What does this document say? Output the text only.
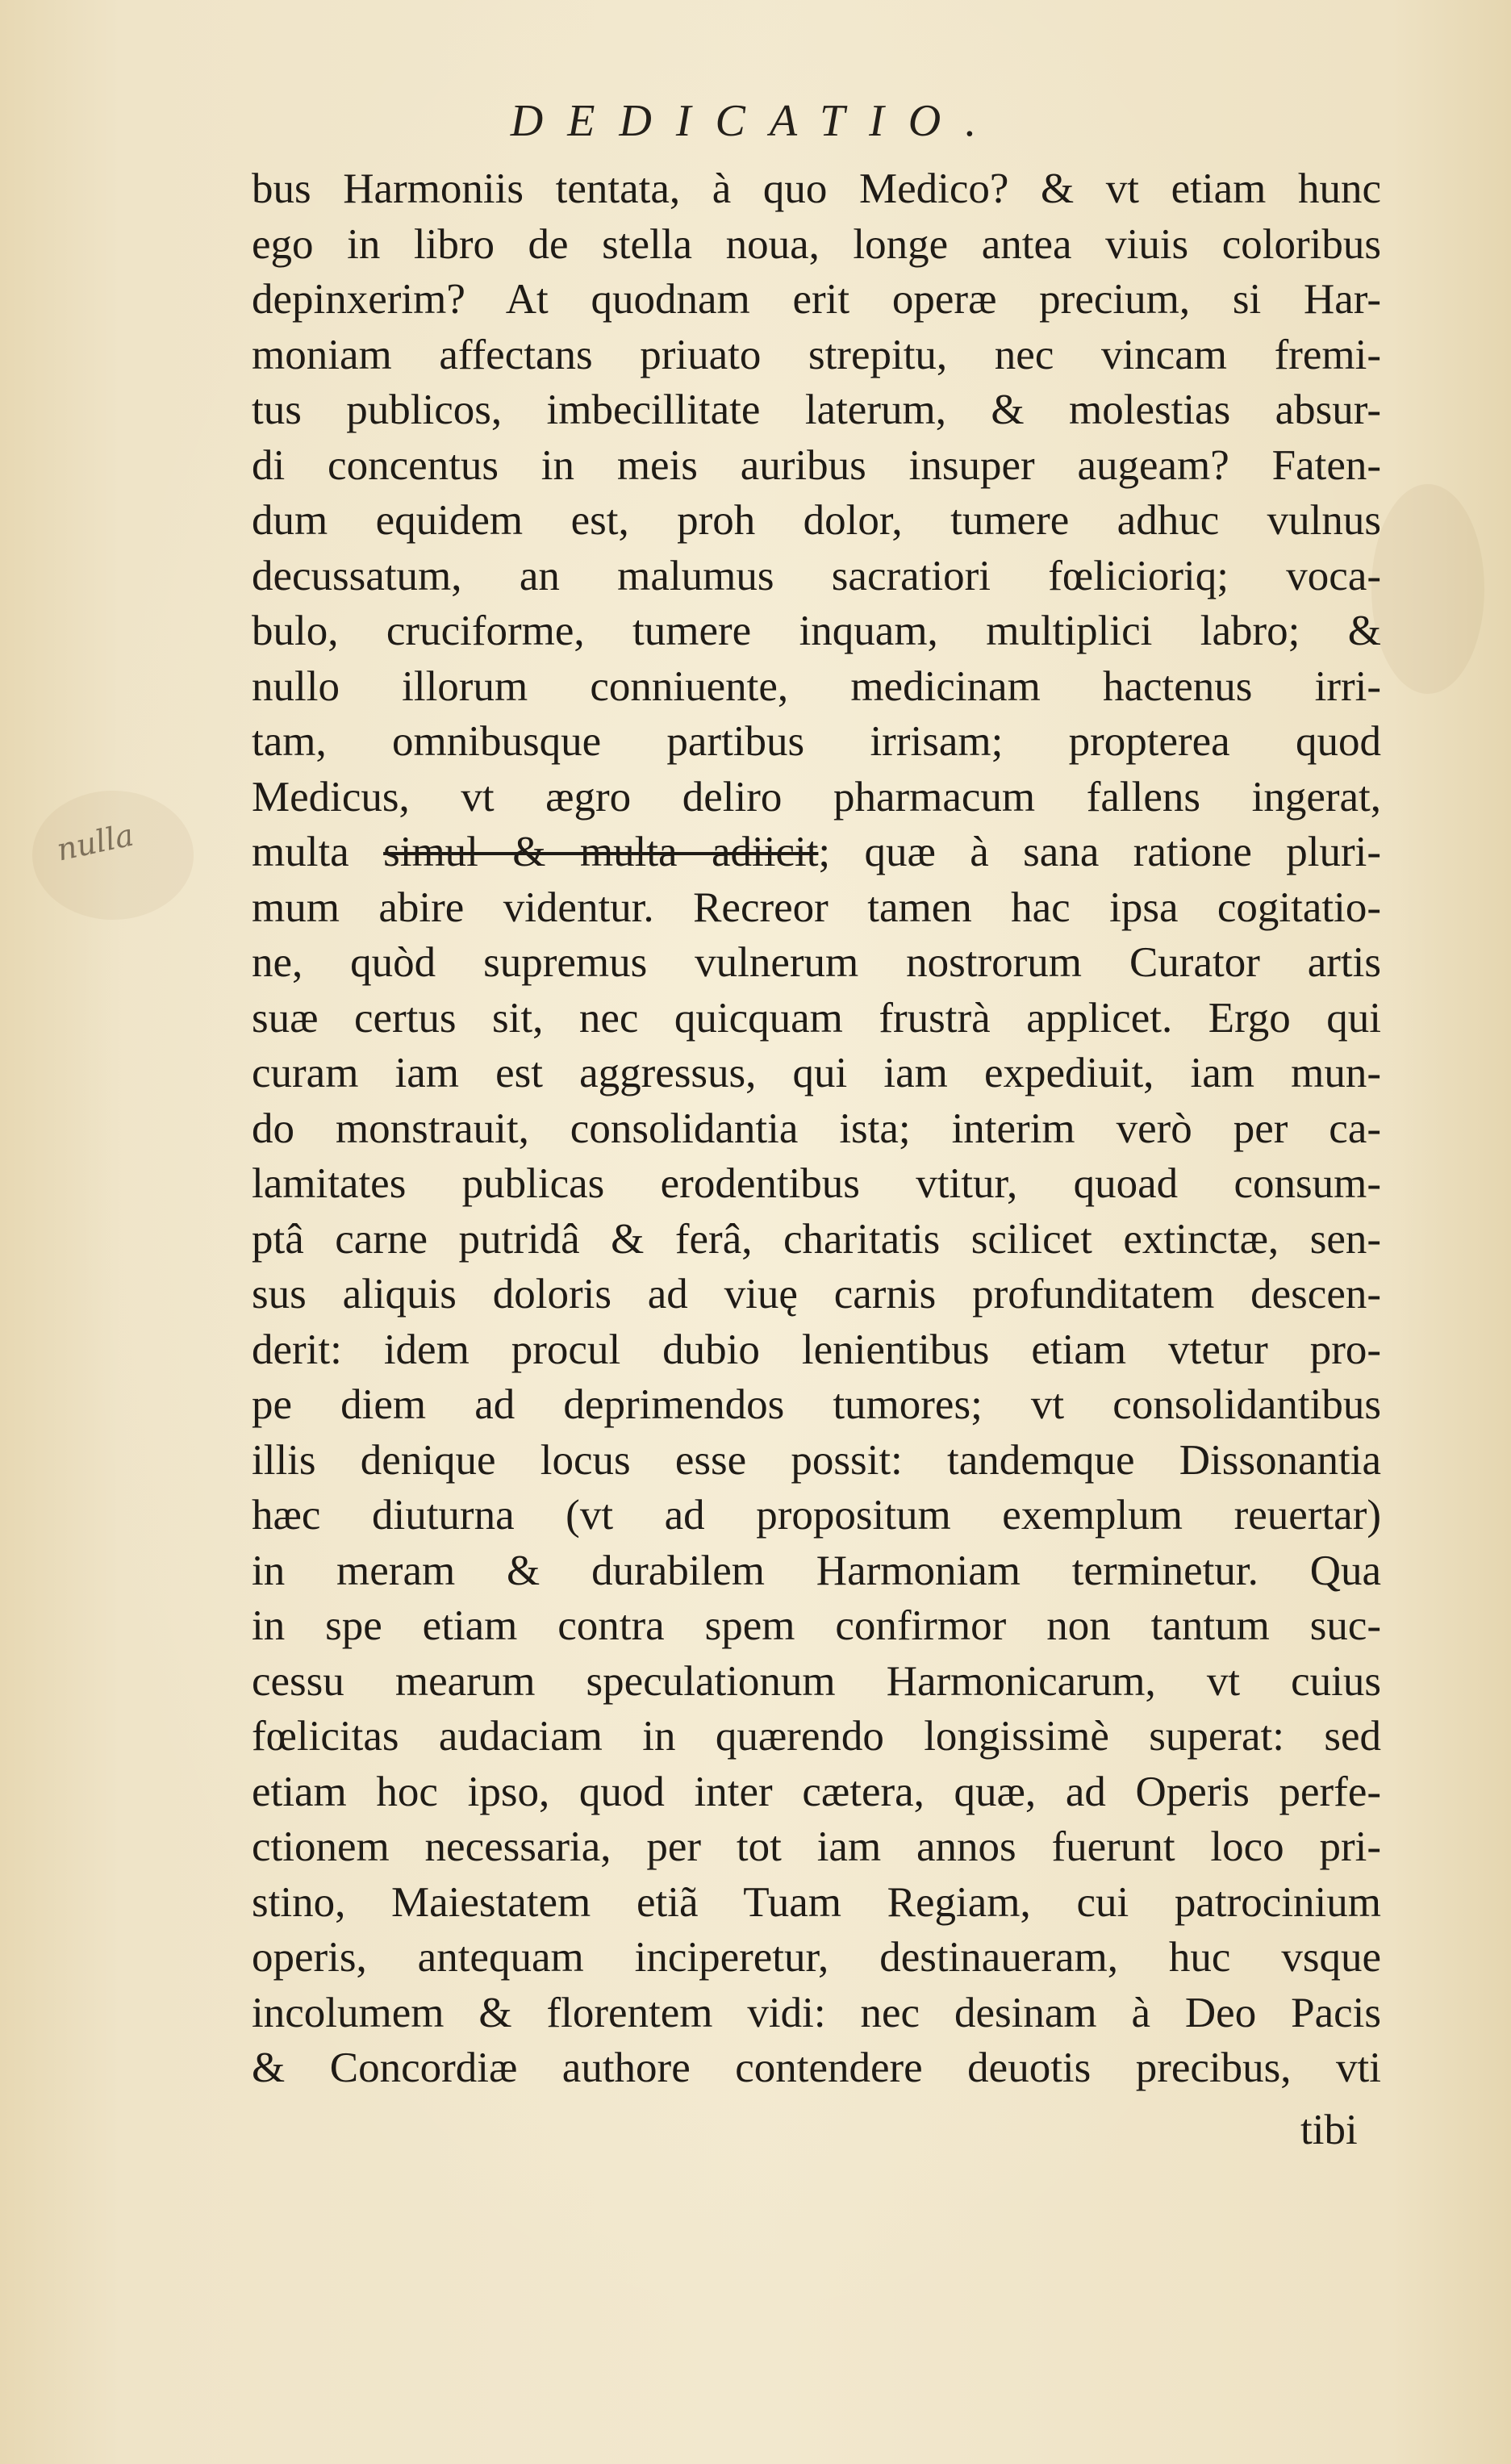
DEDICATIO.
nulla
bus Harmoniis tentata, à quo Medico? & vt etiam hunc
ego in libro de stella noua, longe antea viuis coloribus
depinxerim? At quodnam erit operæ precium, si Har-
moniam affectans priuato strepitu, nec vincam fremi-
tus publicos, imbecillitate laterum, & molestias absur-
di concentus in meis auribus insuper augeam? Faten-
dum equidem est, proh dolor, tumere adhuc vulnus
decussatum, an malumus sacratiori fœlicioriq; voca-
bulo, cruciforme, tumere inquam, multiplici labro; &
nullo illorum conniuente, medicinam hactenus irri-
tam, omnibusque partibus irrisam; propterea quod
Medicus, vt ægro deliro pharmacum fallens ingerat,
multa simul & multa adiicit; quæ à sana ratione pluri-
mum abire videntur. Recreor tamen hac ipsa cogitatio-
ne, quòd supremus vulnerum nostrorum Curator artis
suæ certus sit, nec quicquam frustrà applicet. Ergo qui
curam iam est aggressus, qui iam expediuit, iam mun-
do monstrauit, consolidantia ista; interim verò per ca-
lamitates publicas erodentibus vtitur, quoad consum-
ptâ carne putridâ & ferâ, charitatis scilicet extinctæ, sen-
sus aliquis doloris ad viuę carnis profunditatem descen-
derit: idem procul dubio lenientibus etiam vtetur pro-
pe diem ad deprimendos tumores; vt consolidantibus
illis denique locus esse possit: tandemque Dissonantia
hæc diuturna (vt ad propositum exemplum reuertar)
in meram & durabilem Harmoniam terminetur. Qua
in spe etiam contra spem confirmor non tantum suc-
cessu mearum speculationum Harmonicarum, vt cuius
fœlicitas audaciam in quærendo longissimè superat: sed
etiam hoc ipso, quod inter cætera, quæ, ad Operis perfe-
ctionem necessaria, per tot iam annos fuerunt loco pri-
stino, Maiestatem etiã Tuam Regiam, cui patrocinium
operis, antequam inciperetur, destinaueram, huc vsque
incolumem & florentem vidi: nec desinam à Deo Pacis
& Concordiæ authore contendere deuotis precibus, vti
tibi
